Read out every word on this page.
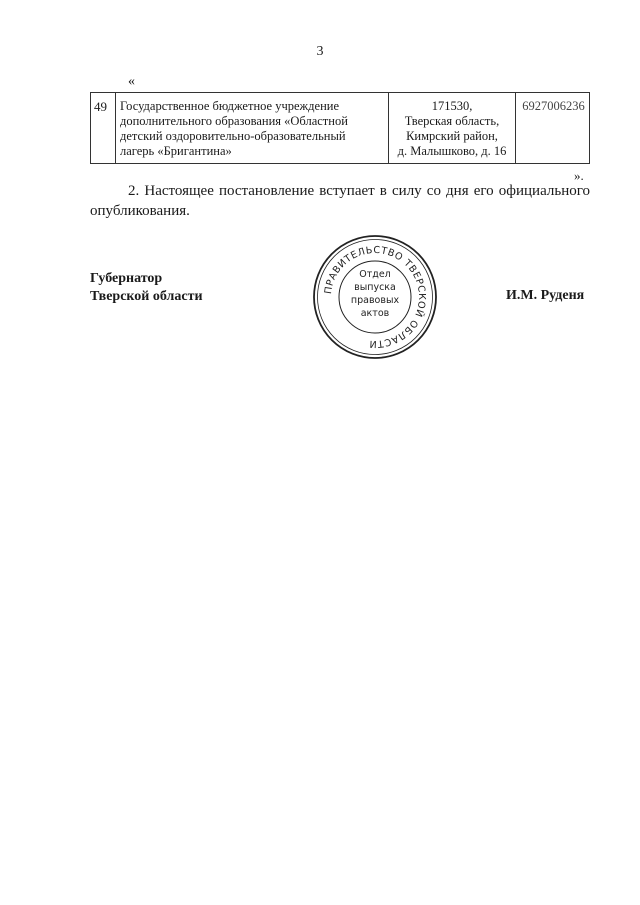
3
«
49	Государственное бюджетное учреждение
дополнительного образования «Областной
детский оздоровительно-образовательный
лагерь «Бригантина»
171530,
Тверская область,
Кимрский район,
д. Малышково, д. 16
6927006236
».
2. Настоящее постановление вступает в силу со дня его официального опубликования.
Губернатор
Тверской области	И.М. Руденя
ПРАВИТЕЛЬСТВО ТВЕРСКОЙ ОБЛАСТИ
Отдел
выпуска
правовых
актов
